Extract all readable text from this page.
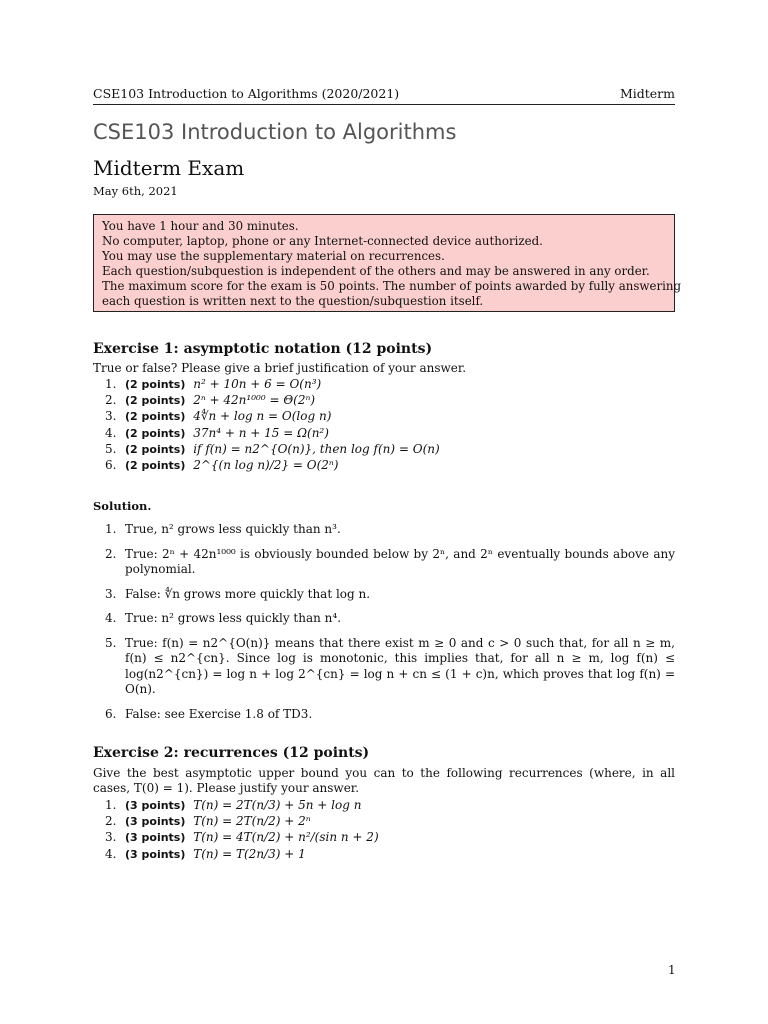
CSE103 Introduction to Algorithms (2020/2021)	Midterm
CSE103 Introduction to Algorithms
Midterm Exam
May 6th, 2021
You have 1 hour and 30 minutes.
No computer, laptop, phone or any Internet-connected device authorized.
You may use the supplementary material on recurrences.
Each question/subquestion is independent of the others and may be answered in any order.
The maximum score for the exam is 50 points. The number of points awarded by fully answering
each question is written next to the question/subquestion itself.
Exercise 1: asymptotic notation (12 points)
True or false? Please give a brief justification of your answer.
1. (2 points) n² + 10n + 6 = O(n³)
2. (2 points) 2ⁿ + 42n¹⁰⁰⁰ = Θ(2ⁿ)
3. (2 points) 4∜n + log n = O(log n)
4. (2 points) 37n⁴ + n + 15 = Ω(n²)
5. (2 points) if f(n) = n2^{O(n)}, then log f(n) = O(n)
6. (2 points) 2^{(n log n)/2} = O(2ⁿ)
Solution.
1. True, n² grows less quickly than n³.
2. True: 2ⁿ + 42n¹⁰⁰⁰ is obviously bounded below by 2ⁿ, and 2ⁿ eventually bounds above any polynomial.
3. False: ∜n grows more quickly that log n.
4. True: n² grows less quickly than n⁴.
5. True: f(n) = n2^{O(n)} means that there exist m ≥ 0 and c > 0 such that, for all n ≥ m, f(n) ≤ n2^{cn}. Since log is monotonic, this implies that, for all n ≥ m, log f(n) ≤ log(n2^{cn}) = log n + log 2^{cn} = log n + cn ≤ (1 + c)n, which proves that log f(n) = O(n).
6. False: see Exercise 1.8 of TD3.
Exercise 2: recurrences (12 points)
Give the best asymptotic upper bound you can to the following recurrences (where, in all cases, T(0) = 1). Please justify your answer.
1. (3 points) T(n) = 2T(n/3) + 5n + log n
2. (3 points) T(n) = 2T(n/2) + 2ⁿ
3. (3 points) T(n) = 4T(n/2) + n²/(sin n + 2)
4. (3 points) T(n) = T(2n/3) + 1
1
